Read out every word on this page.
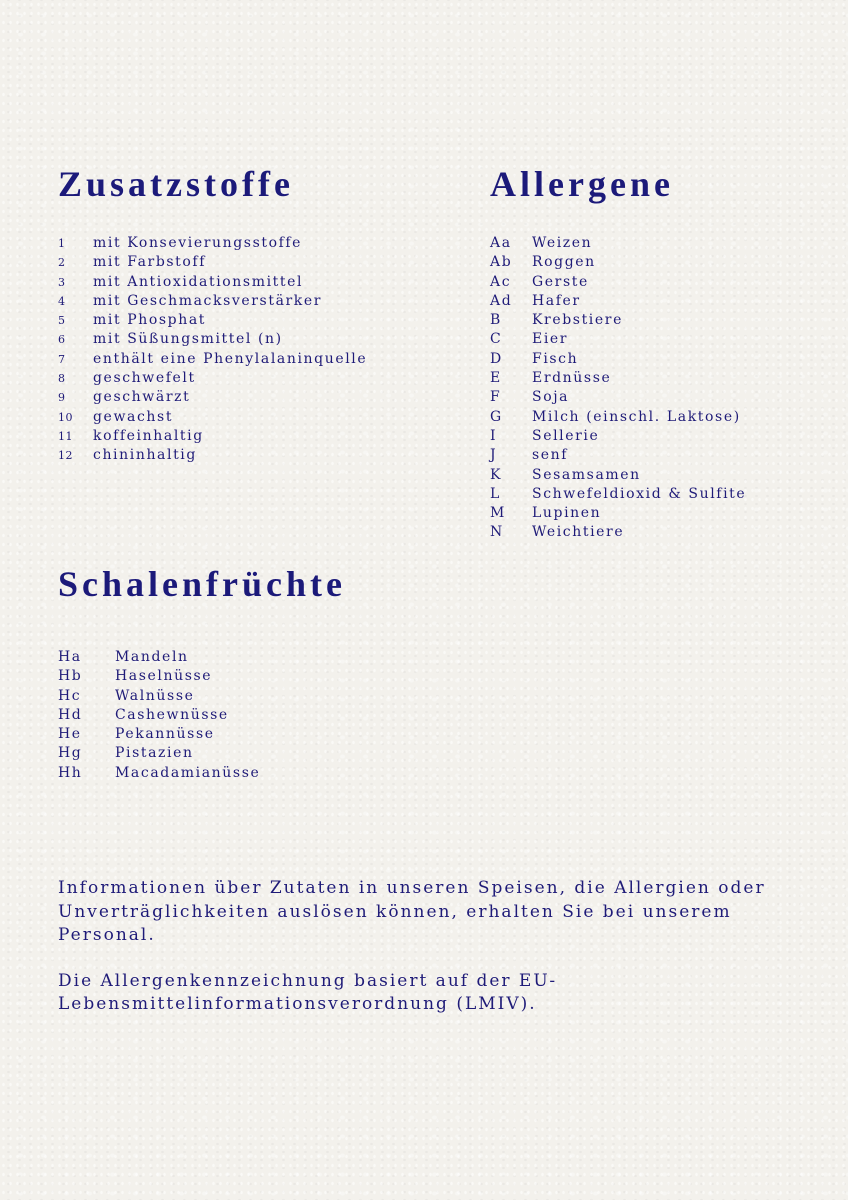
Zusatzstoffe
1	mit Konsevierungsstoffe
2	mit Farbstoff
3	mit Antioxidationsmittel
4	mit Geschmacksverstärker
5	mit Phosphat
6	mit Süßungsmittel (n)
7	enthält eine Phenylalaninquelle
8	geschwefelt
9	geschwärzt
10	gewachst
11	koffeinhaltig
12	chininhaltig
Allergene
Aa	Weizen
Ab	Roggen
Ac	Gerste
Ad	Hafer
B	Krebstiere
C	Eier
D	Fisch
E	Erdnüsse
F	Soja
G	Milch (einschl. Laktose)
I	Sellerie
J	senf
K	Sesamsamen
L	Schwefeldioxid & Sulfite
M	Lupinen
N	Weichtiere
Schalenfrüchte
Ha	Mandeln
Hb	Haselnüsse
Hc	Walnüsse
Hd	Cashewnüsse
He	Pekannüsse
Hg	Pistazien
Hh	Macadamianüsse

Informationen über Zutaten in unseren Speisen, die Allergien oder Unverträglichkeiten auslösen können, erhalten Sie bei unserem Personal.

Die Allergenkennzeichnung basiert auf der EU-Lebensmittelinformationsverordnung (LMIV).
